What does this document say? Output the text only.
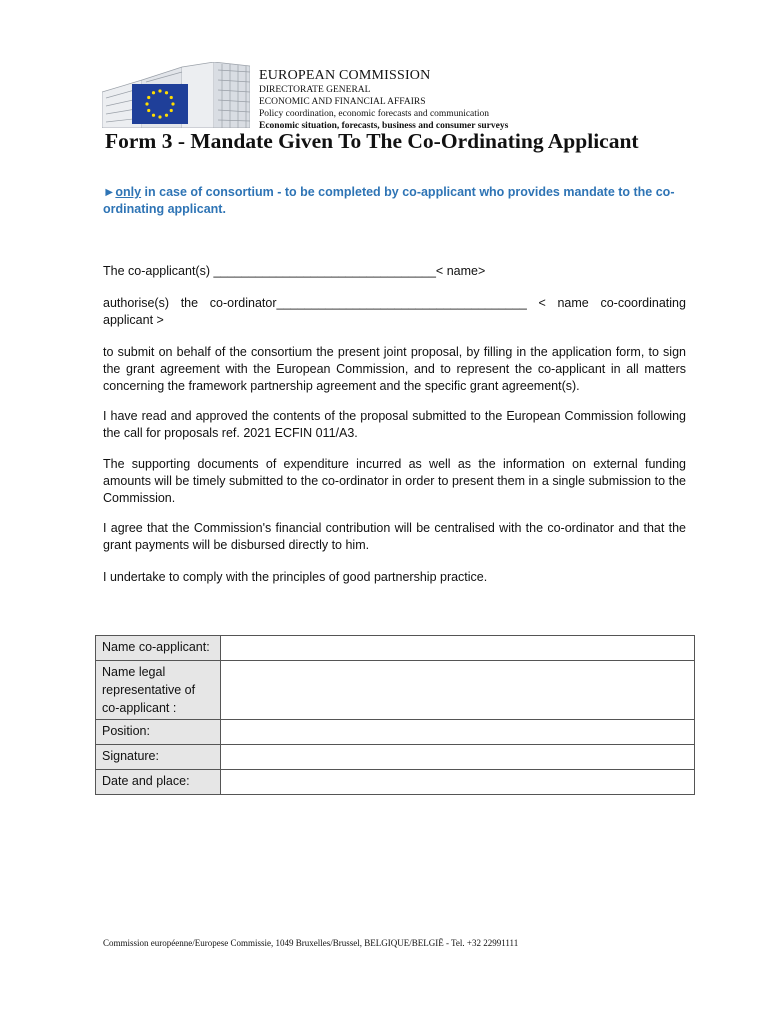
EUROPEAN COMMISSION
DIRECTORATE GENERAL
ECONOMIC AND FINANCIAL AFFAIRS
Policy coordination, economic forecasts and communication
Economic situation, forecasts, business and consumer surveys
Form 3 - Mandate Given To The Co-Ordinating Applicant
►only in case of consortium - to be completed by co-applicant who provides mandate to the co-ordinating applicant.
The co-applicant(s) ________________________________< name>
authorise(s) the co-ordinator____________________________________ < name co-coordinating
applicant >
to submit on behalf of the consortium the present joint proposal, by filling in the application form, to sign the grant agreement with the European Commission, and to represent the co-applicant in all matters concerning the framework partnership agreement and the specific grant agreement(s).
I have read and approved the contents of the proposal submitted to the European Commission following the call for proposals ref. 2021 ECFIN 011/A3.
The supporting documents of expenditure incurred as well as the information on external funding amounts will be timely submitted to the co-ordinator in order to present them in a single submission to the Commission.
I agree that the Commission's financial contribution will be centralised with the co-ordinator and that the grant payments will be disbursed directly to him.
I undertake to comply with the principles of good partnership practice.
Name co-applicant:	
Name legal representative of co-applicant :	
Position:	
Signature:	
Date and place:	
Commission européenne/Europese Commissie, 1049 Bruxelles/Brussel, BELGIQUE/BELGIË - Tel. +32 22991111
